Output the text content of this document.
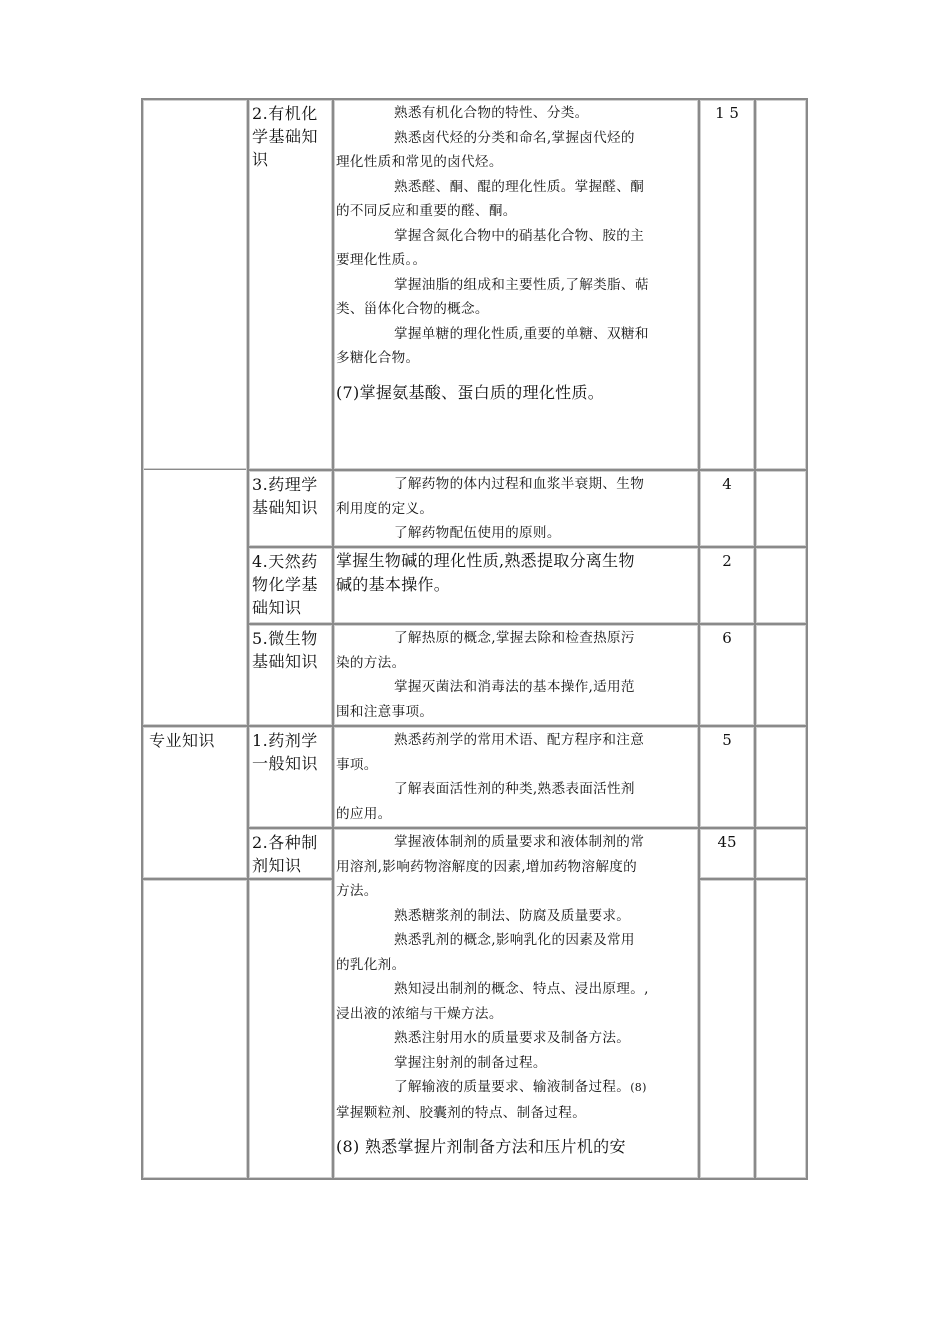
2.有机化学基础知识

熟悉有机化合物的特性、分类。

熟悉卤代烃的分类和命名,掌握卤代烃的

理化性质和常见的卤代烃。

熟悉醛、酮、醌的理化性质。掌握醛、酮

的不同反应和重要的醛、酮。

掌握含氮化合物中的硝基化合物、胺的主

要理化性质。。

掌握油脂的组成和主要性质,了解类脂、萜

类、甾体化合物的概念。

掌握单糖的理化性质,重要的单糖、双糖和

多糖化合物。

(7)掌握氨基酸、蛋白质的理化性质。

1 5
3.药理学基础知识

了解药物的体内过程和血浆半衰期、生物

利用度的定义。

了解药物配伍使用的原则。

4
4.天然药物化学基础知识

掌握生物碱的理化性质,熟悉提取分离生物

碱的基本操作。

2
5.微生物基础知识

了解热原的概念,掌握去除和检查热原污

染的方法。

掌握灭菌法和消毒法的基本操作,适用范

围和注意事项。

6
专业知识	1.药剂学一般知识

熟悉药剂学的常用术语、配方程序和注意

事项。

了解表面活性剂的种类,熟悉表面活性剂

的应用。

5
2.各种制剂知识
45

掌握液体制剂的质量要求和液体制剂的常

用溶剂,影响药物溶解度的因素,增加药物溶解度的

方法。

熟悉糖浆剂的制法、防腐及质量要求。

熟悉乳剂的概念,影响乳化的因素及常用

的乳化剂。

熟知浸出制剂的概念、特点、浸出原理。,

浸出液的浓缩与干燥方法。

熟悉注射用水的质量要求及制备方法。

掌握注射剂的制备过程。

了解输液的质量要求、输液制备过程。(8)

掌握颗粒剂、胶囊剂的特点、制备过程。

(8) 熟悉掌握片剂制备方法和压片机的安
